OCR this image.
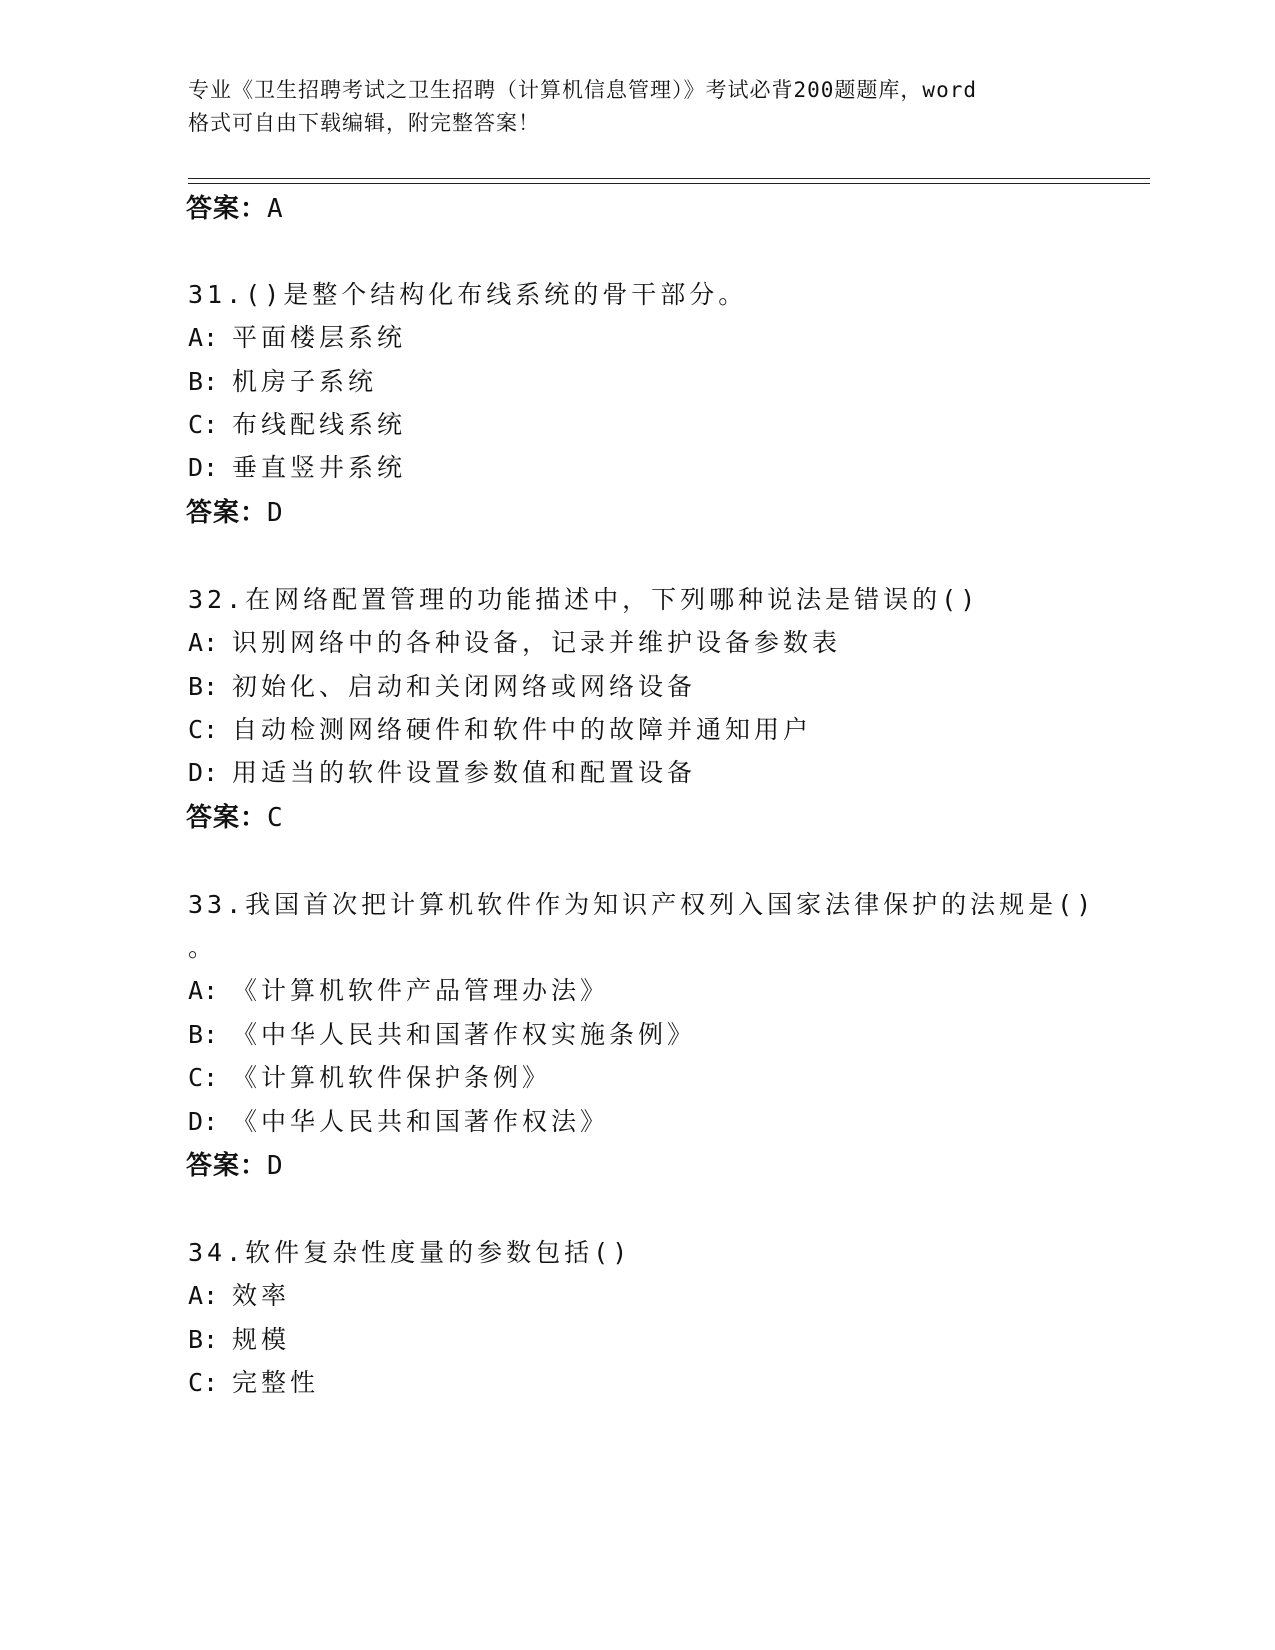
专业《卫生招聘考试之卫生招聘（计算机信息管理）》考试必背200题题库，word
格式可自由下载编辑，附完整答案！
答案：A
31.()是整个结构化布线系统的骨干部分。
A: 平面楼层系统
B: 机房子系统
C: 布线配线系统
D: 垂直竖井系统
答案：D
32.在网络配置管理的功能描述中，下列哪种说法是错误的()
A: 识别网络中的各种设备，记录并维护设备参数表
B: 初始化、启动和关闭网络或网络设备
C: 自动检测网络硬件和软件中的故障并通知用户
D: 用适当的软件设置参数值和配置设备
答案：C
33.我国首次把计算机软件作为知识产权列入国家法律保护的法规是()
。
A: 《计算机软件产品管理办法》
B: 《中华人民共和国著作权实施条例》
C: 《计算机软件保护条例》
D: 《中华人民共和国著作权法》
答案：D
34.软件复杂性度量的参数包括()
A: 效率
B: 规模
C: 完整性
